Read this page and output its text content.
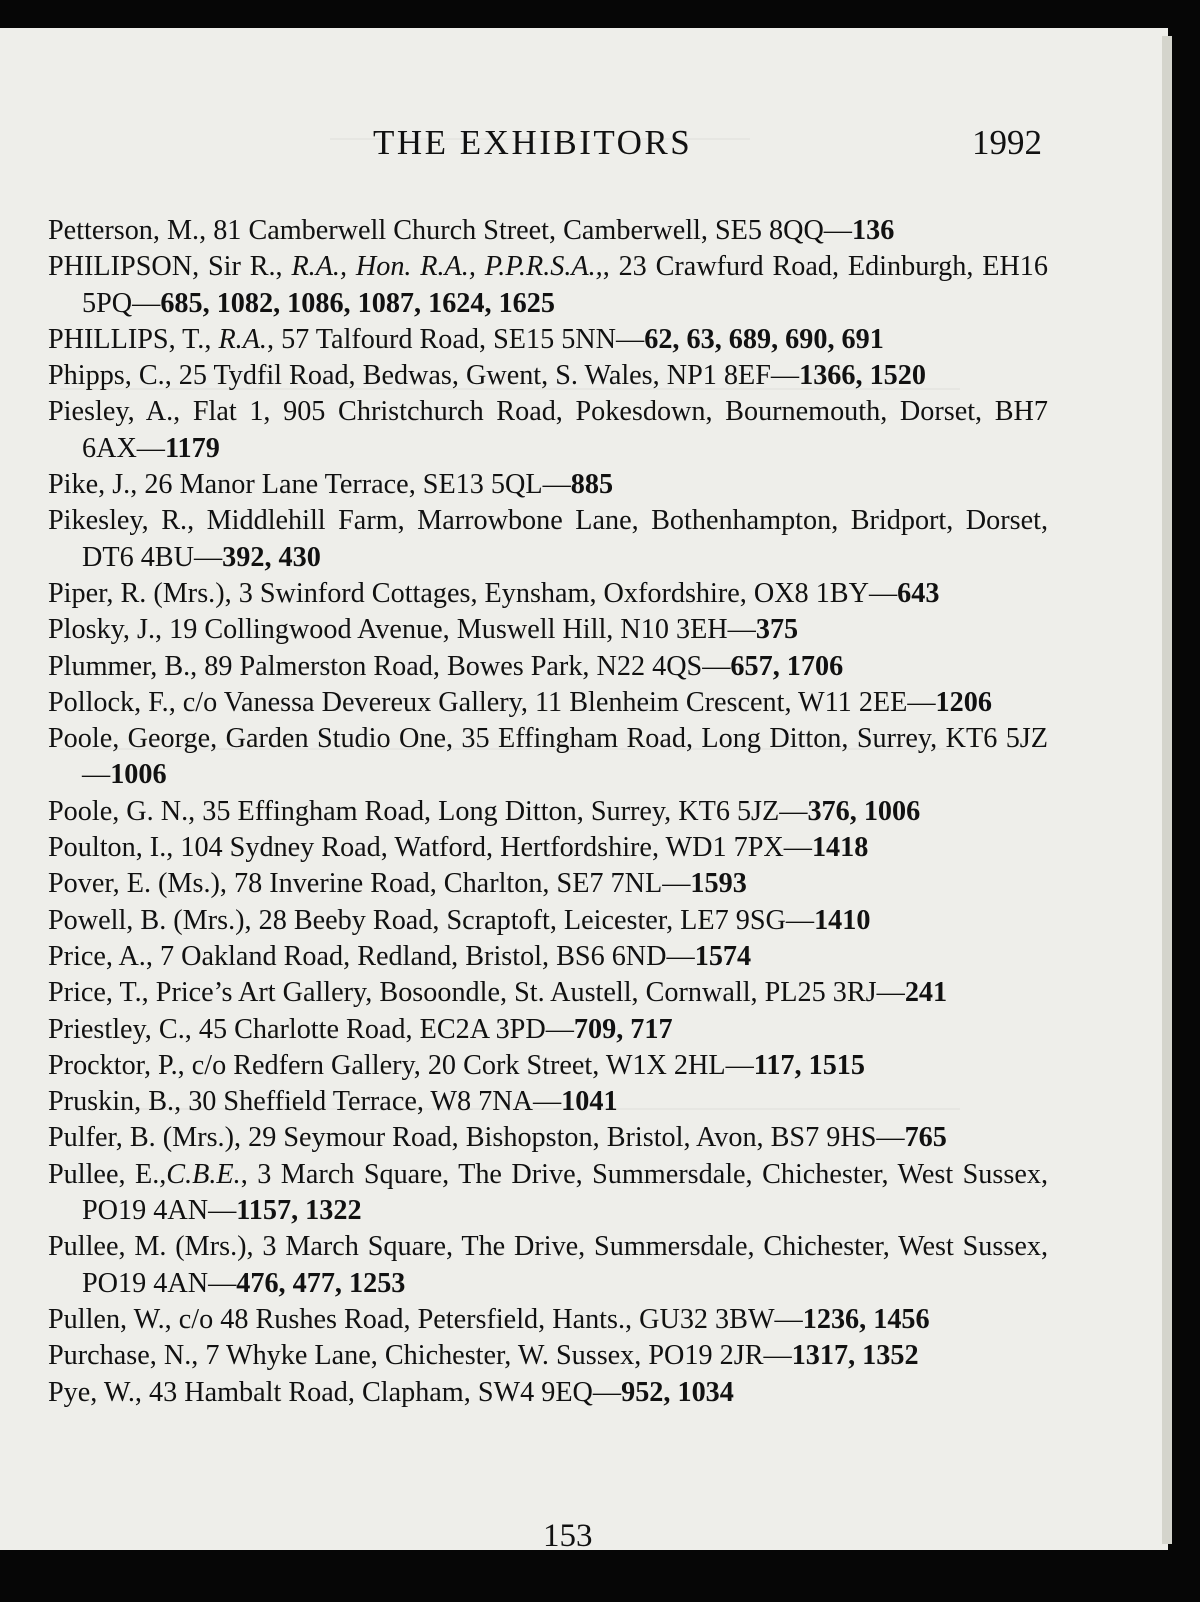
THE EXHIBITORS	1992
Petterson, M., 81 Camberwell Church Street, Camberwell, SE5 8QQ—136
PHILIPSON, Sir R., R.A., Hon. R.A., P.P.R.S.A.,, 23 Crawfurd Road, Edinburgh, EH16 5PQ—685, 1082, 1086, 1087, 1624, 1625
PHILLIPS, T., R.A., 57 Talfourd Road, SE15 5NN—62, 63, 689, 690, 691
Phipps, C., 25 Tydfil Road, Bedwas, Gwent, S. Wales, NP1 8EF—1366, 1520
Piesley, A., Flat 1, 905 Christchurch Road, Pokesdown, Bournemouth, Dorset, BH7 6AX—1179
Pike, J., 26 Manor Lane Terrace, SE13 5QL—885
Pikesley, R., Middlehill Farm, Marrowbone Lane, Bothenhampton, Bridport, Dorset, DT6 4BU—392, 430
Piper, R. (Mrs.), 3 Swinford Cottages, Eynsham, Oxfordshire, OX8 1BY—643
Plosky, J., 19 Collingwood Avenue, Muswell Hill, N10 3EH—375
Plummer, B., 89 Palmerston Road, Bowes Park, N22 4QS—657, 1706
Pollock, F., c/o Vanessa Devereux Gallery, 11 Blenheim Crescent, W11 2EE—1206
Poole, George, Garden Studio One, 35 Effingham Road, Long Ditton, Surrey, KT6 5JZ—1006
Poole, G. N., 35 Effingham Road, Long Ditton, Surrey, KT6 5JZ—376, 1006
Poulton, I., 104 Sydney Road, Watford, Hertfordshire, WD1 7PX—1418
Pover, E. (Ms.), 78 Inverine Road, Charlton, SE7 7NL—1593
Powell, B. (Mrs.), 28 Beeby Road, Scraptoft, Leicester, LE7 9SG—1410
Price, A., 7 Oakland Road, Redland, Bristol, BS6 6ND—1574
Price, T., Price’s Art Gallery, Bosoondle, St. Austell, Cornwall, PL25 3RJ—241
Priestley, C., 45 Charlotte Road, EC2A 3PD—709, 717
Procktor, P., c/o Redfern Gallery, 20 Cork Street, W1X 2HL—117, 1515
Pruskin, B., 30 Sheffield Terrace, W8 7NA—1041
Pulfer, B. (Mrs.), 29 Seymour Road, Bishopston, Bristol, Avon, BS7 9HS—765
Pullee, E.,C.B.E., 3 March Square, The Drive, Summersdale, Chichester, West Sussex, PO19 4AN—1157, 1322
Pullee, M. (Mrs.), 3 March Square, The Drive, Summersdale, Chichester, West Sussex, PO19 4AN—476, 477, 1253
Pullen, W., c/o 48 Rushes Road, Petersfield, Hants., GU32 3BW—1236, 1456
Purchase, N., 7 Whyke Lane, Chichester, W. Sussex, PO19 2JR—1317, 1352
Pye, W., 43 Hambalt Road, Clapham, SW4 9EQ—952, 1034
153
